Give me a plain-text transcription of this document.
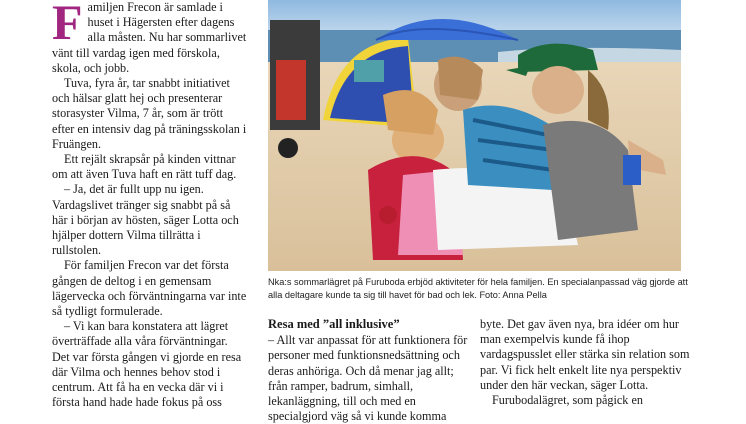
F amiljen Frecon är samlade i huset i Hägersten efter dagens alla måsten. Nu har sommarlivet vänt till vardag igen med förskola, skola, och jobb.

Tuva, fyra år, tar snabbt initiativet och hälsar glatt hej och presenterar storasyster Vilma, 7 år, som är trött efter en intensiv dag på träningsskolan i Fruängen.

Ett rejält skrapsår på kinden vittnar om att även Tuva haft en rätt tuff dag.

– Ja, det är fullt upp nu igen. Vardagslivet tränger sig snabbt på så här i början av hösten, säger Lotta och hjälper dottern Vilma tillrätta i rullstolen.

För familjen Frecon var det första gången de deltog i en gemensam lägervecka och förväntningarna var inte så tydligt formulerade.

– Vi kan bara konstatera att lägret överträffade alla våra förväntningar. Det var första gången vi gjorde en resa där Vilma och hennes behov stod i centrum. Att få ha en vecka där vi i första hand hade hade fokus på oss

Nka:s sommarlägret på Furuboda erbjöd aktiviteter för hela familjen. En specialanpassad väg gjorde att alla deltagare kunde ta sig till havet för bad och lek. Foto: Anna Pella
Resa med ”all inklusive”

– Allt var anpassat för att funktionera för personer med funktionsnedsättning och deras anhöriga. Och då menar jag allt; från ramper, badrum, simhall, lekanläggning, till och med en specialgjord väg så vi kunde komma

byte. Det gav även nya, bra idéer om hur man exempelvis kunde få ihop vardagspusslet eller stärka sin relation som par. Vi fick helt enkelt lite nya perspektiv under den här veckan, säger Lotta.

Furubodalägret, som pågick en
